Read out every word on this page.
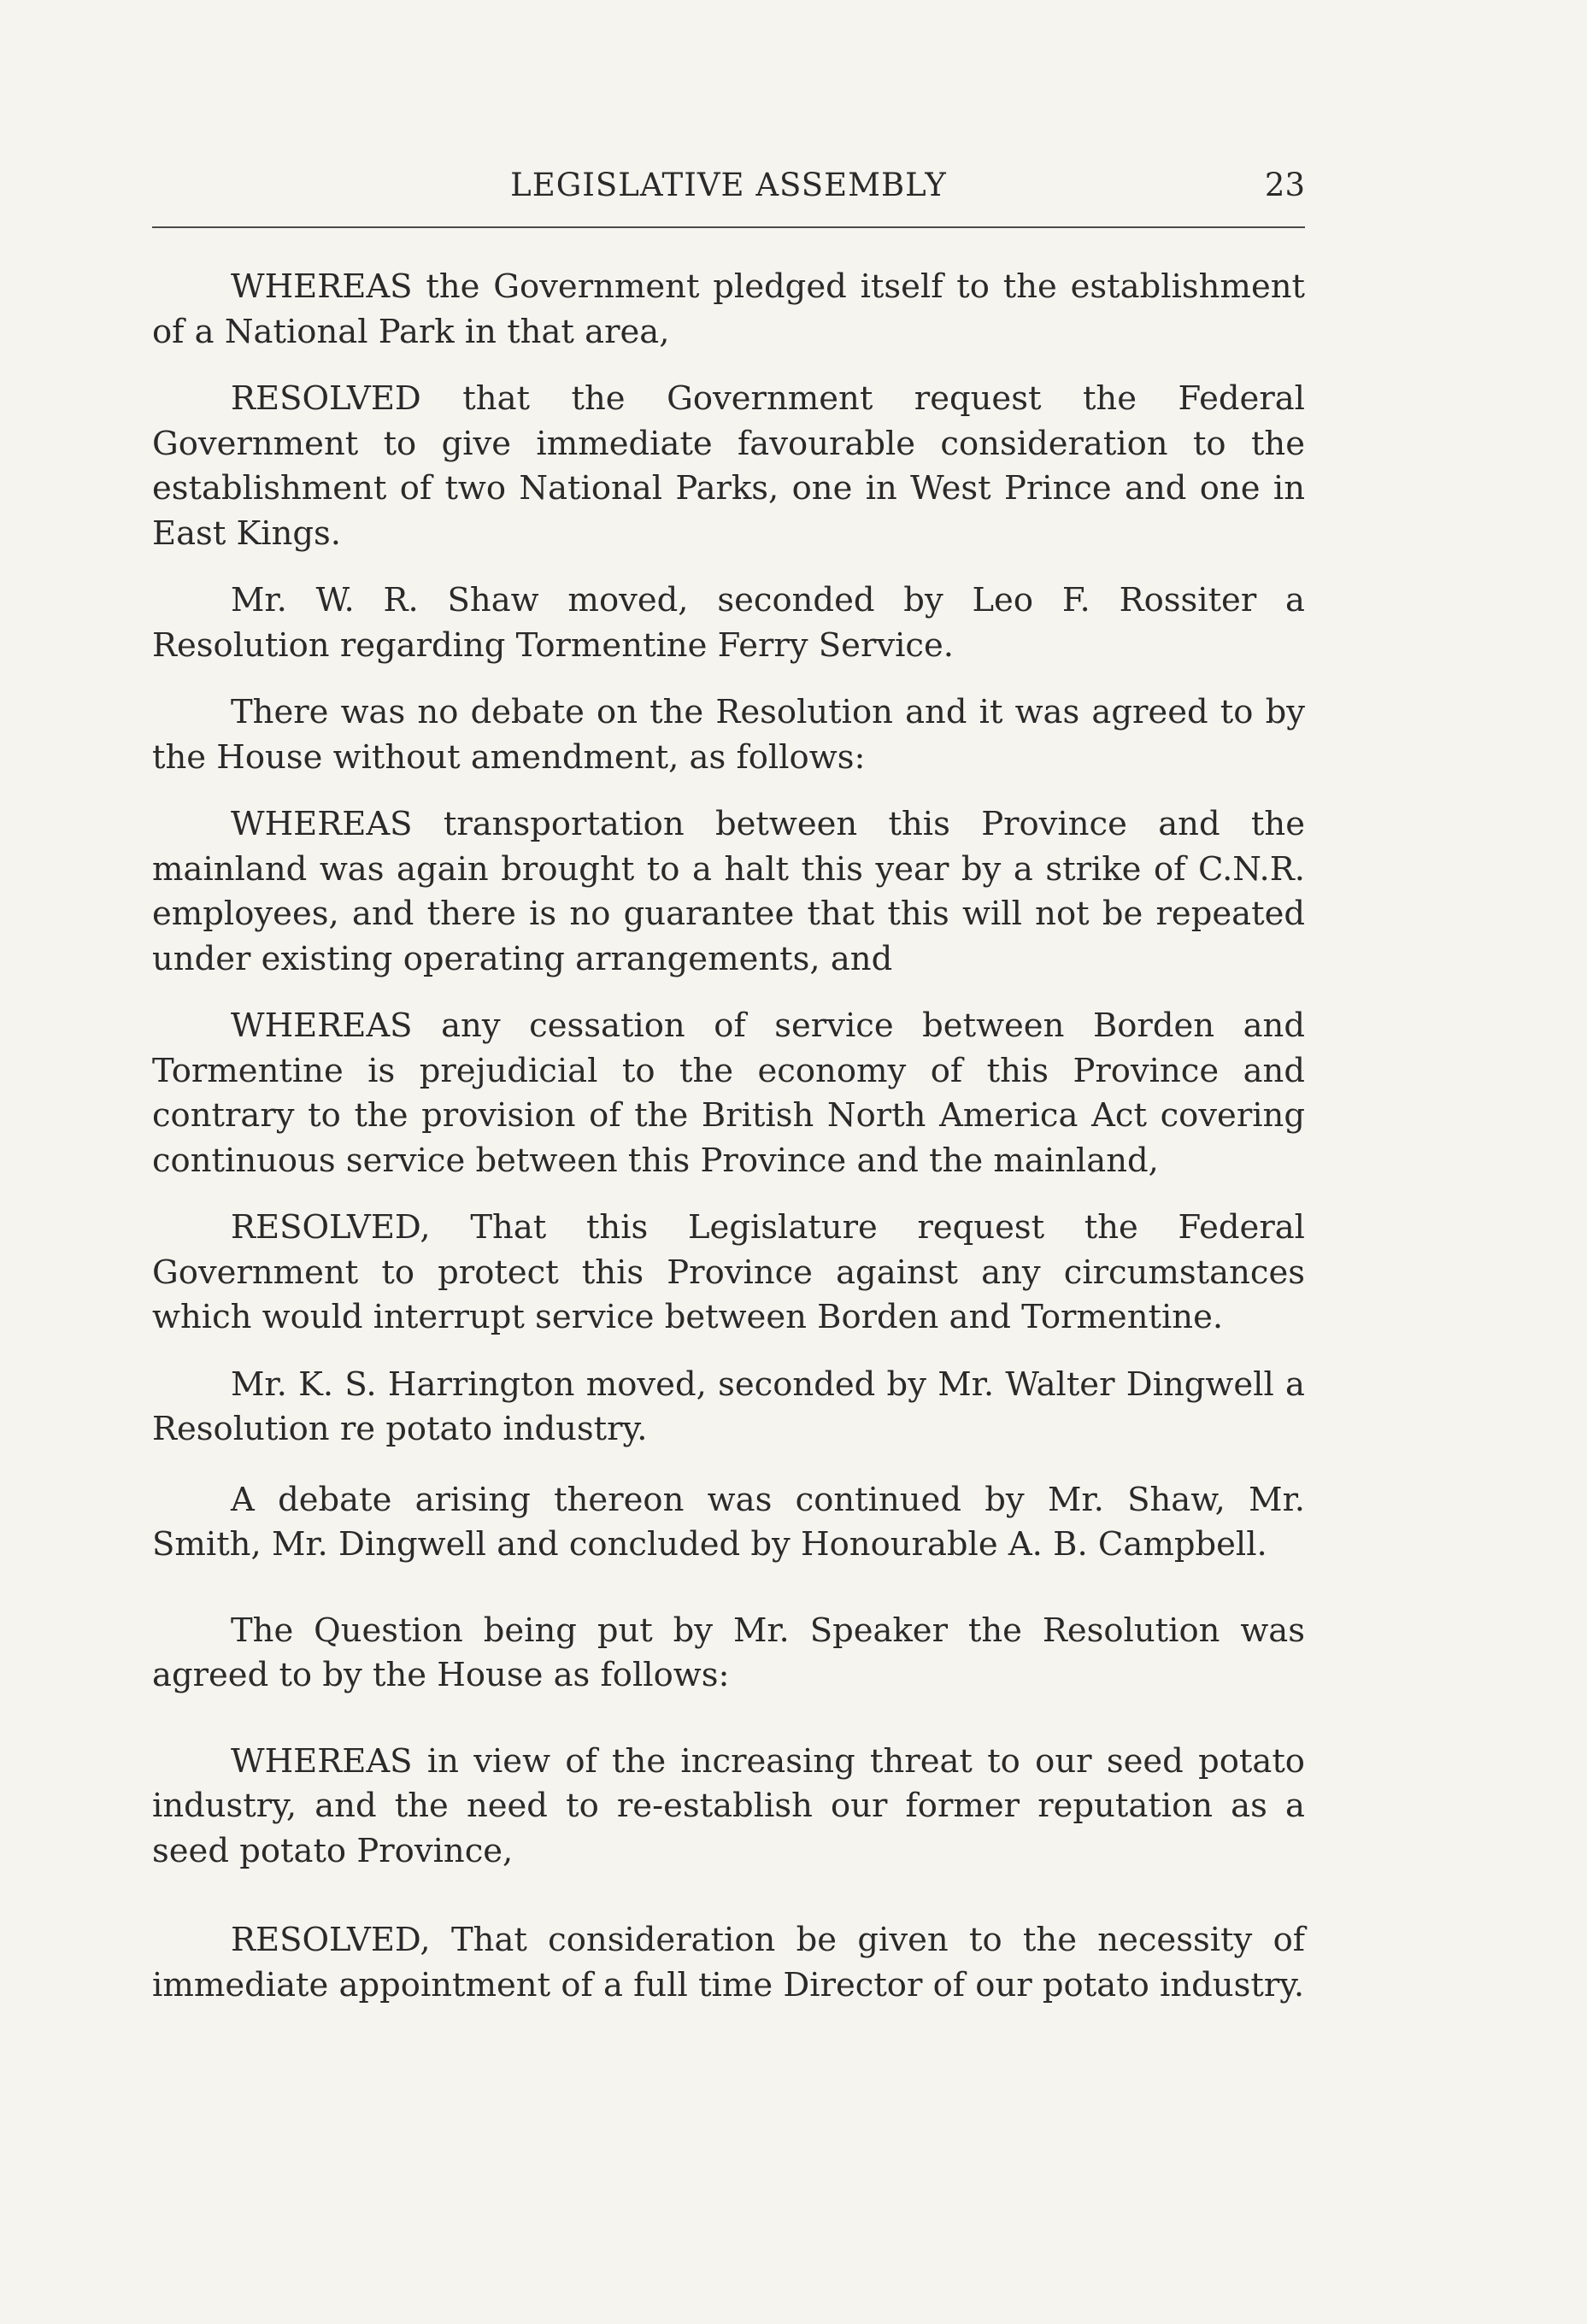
LEGISLATIVE ASSEMBLY	23

WHEREAS the Government pledged itself to the establishment of a National Park in that area,

RESOLVED that the Government request the Federal Government to give immediate favourable consideration to the establishment of two National Parks, one in West Prince and one in East Kings.

Mr. W. R. Shaw moved, seconded by Leo F. Rossiter a Resolution regarding Tormentine Ferry Service.

There was no debate on the Resolution and it was agreed to by the House without amendment, as follows:

WHEREAS transportation between this Province and the mainland was again brought to a halt this year by a strike of C.N.R. employees, and there is no guarantee that this will not be repeated under existing operating arrangements, and

WHEREAS any cessation of service between Borden and Tormentine is prejudicial to the economy of this Province and contrary to the provision of the British North America Act covering continuous service between this Province and the mainland,

RESOLVED, That this Legislature request the Federal Government to protect this Province against any circumstances which would interrupt service between Borden and Tormentine.

Mr. K. S. Harrington moved, seconded by Mr. Walter Dingwell a Resolution re potato industry.

A debate arising thereon was continued by Mr. Shaw, Mr. Smith, Mr. Dingwell and concluded by Honourable A. B. Campbell.

The Question being put by Mr. Speaker the Resolution was agreed to by the House as follows:

WHEREAS in view of the increasing threat to our seed potato industry, and the need to re-establish our former reputation as a seed potato Province,

RESOLVED, That consideration be given to the necessity of immediate appointment of a full time Director of our potato industry.
